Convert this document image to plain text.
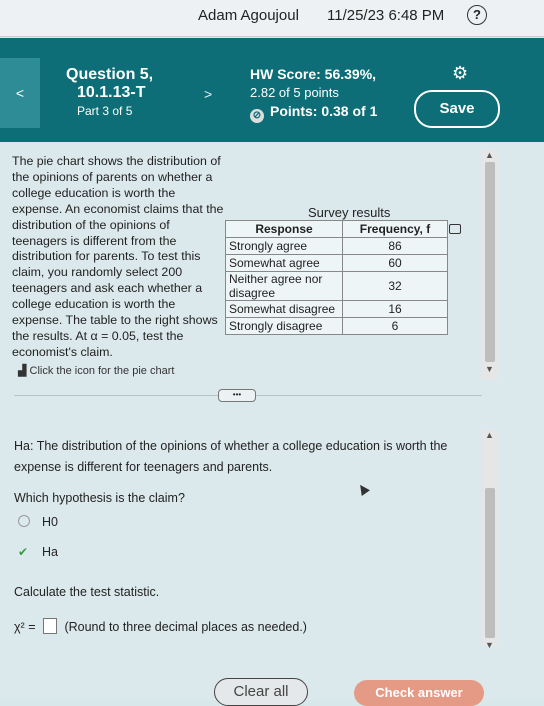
Adam Agoujoul 11/25/23 6:48 PM	?
<
Question 5,
10.1.13-T
Part 3 of 5
>
HW Score: 56.39%,
2.82 of 5 points
⊘ Points: 0.38 of 1
⚙
Save
▲
▼
The pie chart shows the distribution of the opinions of parents on whether a college education is worth the expense. An economist claims that the distribution of the opinions of teenagers is different from the distribution for parents. To test this claim, you randomly select 200 teenagers and ask each whether a college education is worth the expense. The table to the right shows the results. At α = 0.05, test the economist's claim.
▟ Click the icon for the pie chart
Survey results
Response	Frequency, f
Strongly agree	86
Somewhat agree	60
Neither agree nor disagree	32
Somewhat disagree	16
Strongly disagree	6
•••
▲
▼
Ha: The distribution of the opinions of whether a college education is worth the expense is different for teenagers and parents.
Which hypothesis is the claim?
H0
✔ Ha
Calculate the test statistic.
χ² = (Round to three decimal places as needed.)
Clear all	Check answer
